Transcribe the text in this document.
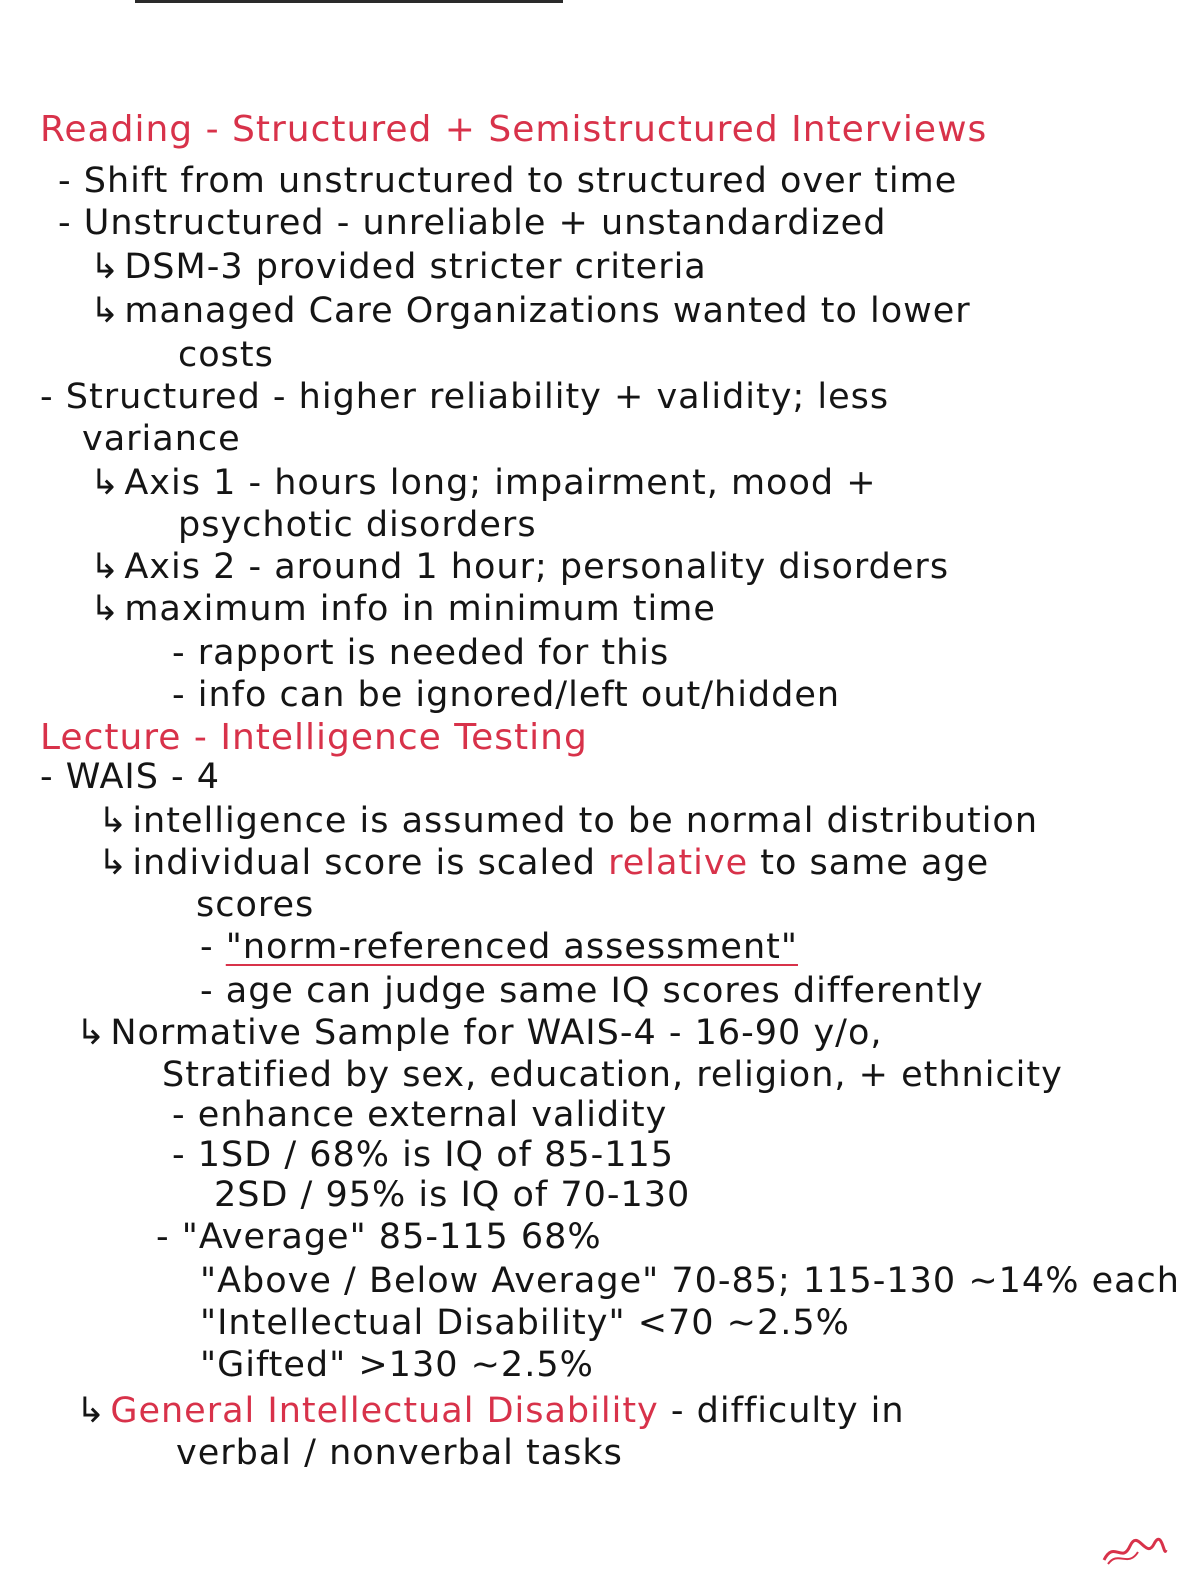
Reading - Structured + Semistructured Interviews
- Shift from unstructured to structured over time
- Unstructured - unreliable + unstandardized
↳ DSM-3 provided stricter criteria
↳ managed Care Organizations wanted to lower
costs
- Structured - higher reliability + validity; less
variance
↳ Axis 1 - hours long; impairment, mood +
psychotic disorders
↳ Axis 2 - around 1 hour; personality disorders
↳ maximum info in minimum time
- rapport is needed for this
- info can be ignored/left out/hidden
Lecture - Intelligence Testing
- WAIS - 4
↳ intelligence is assumed to be normal distribution
↳ individual score is scaled relative to same age
scores
- "norm-referenced assessment"
- age can judge same IQ scores differently
↳ Normative Sample for WAIS-4 - 16-90 y/o,
Stratified by sex, education, religion, + ethnicity
- enhance external validity
- 1SD / 68% is IQ of 85-115
2SD / 95% is IQ of 70-130
- "Average" 85-115 68%
"Above / Below Average" 70-85; 115-130 ~14% each
"Intellectual Disability" <70 ~2.5%
"Gifted" >130 ~2.5%
↳ General Intellectual Disability - difficulty in
verbal / nonverbal tasks
